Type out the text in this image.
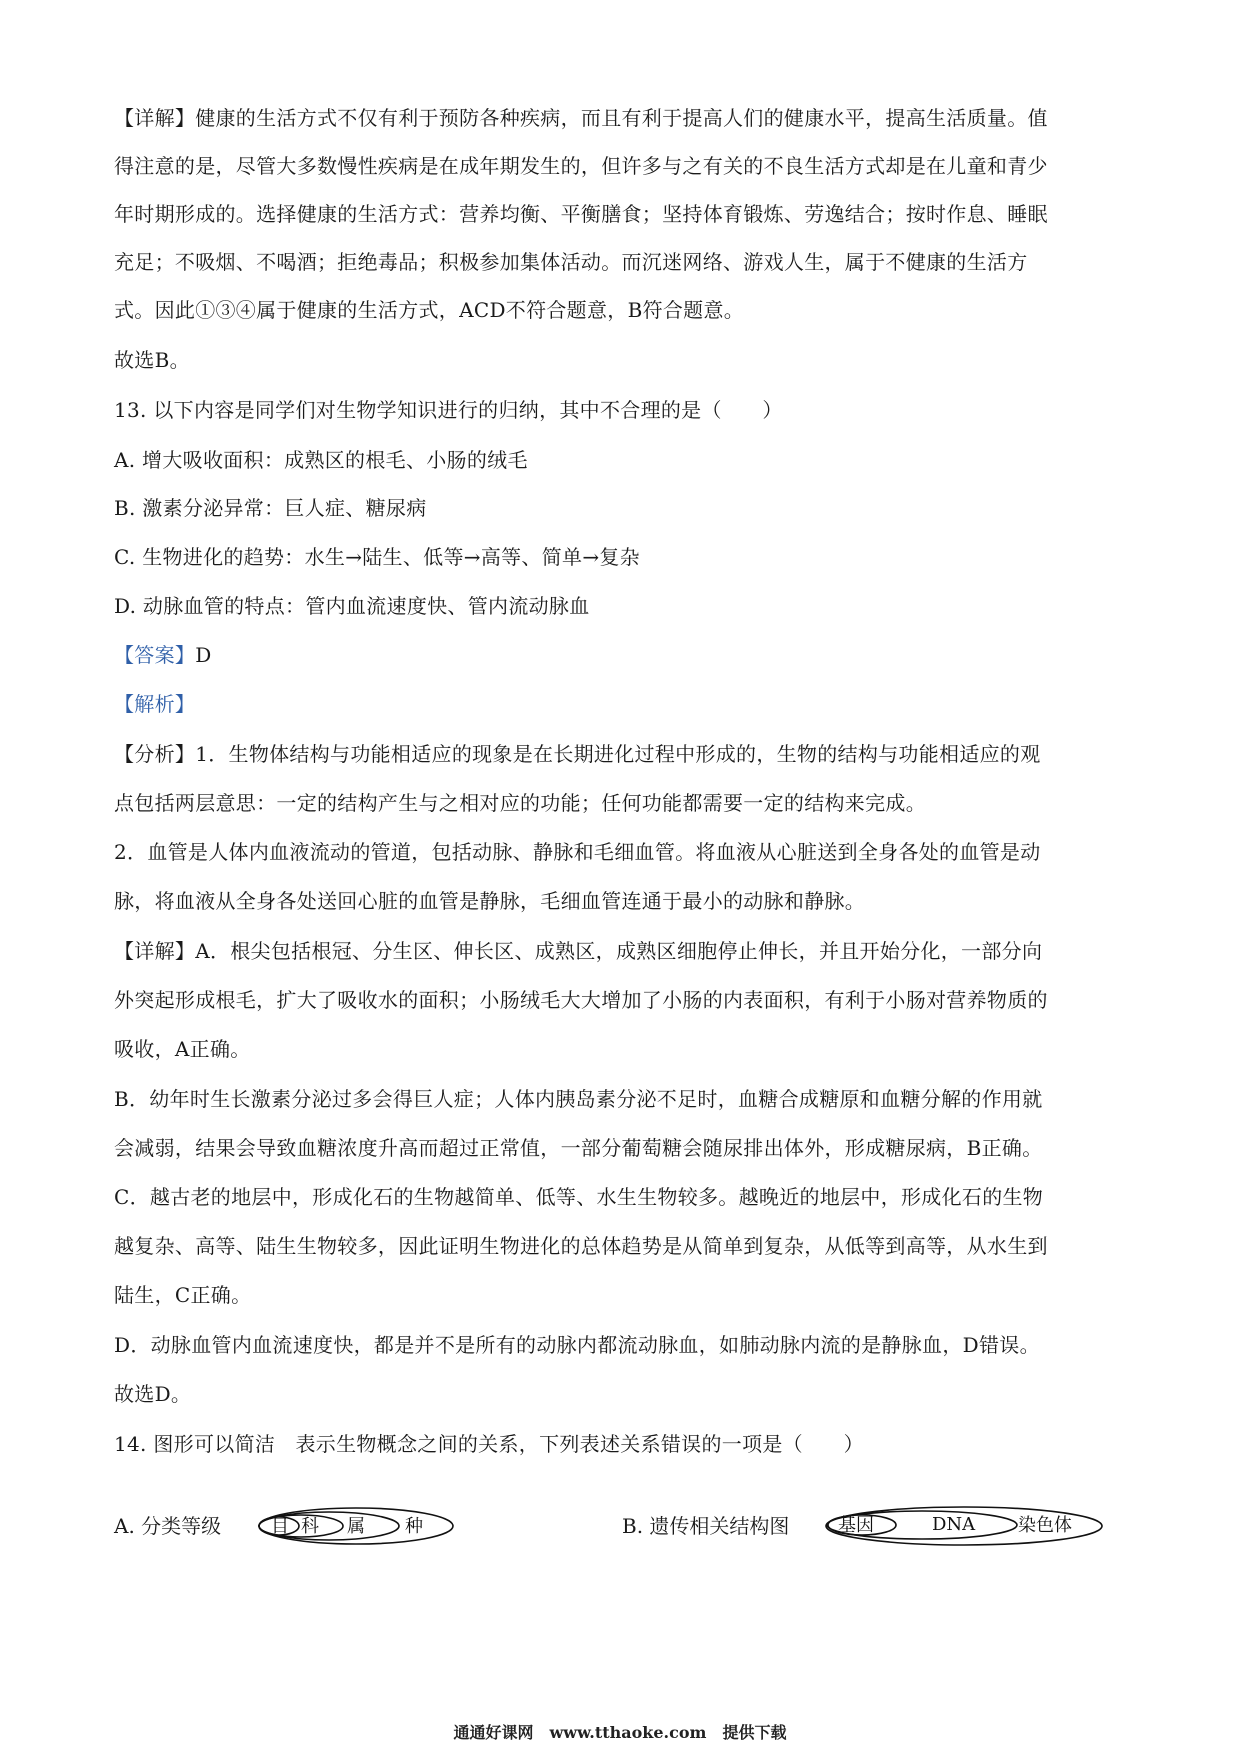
【详解】健康的生活方式不仅有利于预防各种疾病，而且有利于提高人们的健康水平，提高生活质量。值

得注意的是，尽管大多数慢性疾病是在成年期发生的，但许多与之有关的不良生活方式却是在儿童和青少

年时期形成的。选择健康的生活方式：营养均衡、平衡膳食；坚持体育锻炼、劳逸结合；按时作息、睡眠

充足；不吸烟、不喝酒；拒绝毒品；积极参加集体活动。而沉迷网络、游戏人生，属于不健康的生活方

式。因此①③④属于健康的生活方式，ACD不符合题意，B符合题意。

故选B。

13. 以下内容是同学们对生物学知识进行的归纳，其中不合理的是（　　）

A. 增大吸收面积：成熟区的根毛、小肠的绒毛

B. 激素分泌异常：巨人症、糖尿病

C. 生物进化的趋势：水生→陆生、低等→高等、简单→复杂

D. 动脉血管的特点：管内血流速度快、管内流动脉血

【答案】D

【解析】

【分析】1．生物体结构与功能相适应的现象是在长期进化过程中形成的，生物的结构与功能相适应的观

点包括两层意思：一定的结构产生与之相对应的功能；任何功能都需要一定的结构来完成。

2．血管是人体内血液流动的管道，包括动脉、静脉和毛细血管。将血液从心脏送到全身各处的血管是动

脉，将血液从全身各处送回心脏的血管是静脉，毛细血管连通于最小的动脉和静脉。

【详解】A．根尖包括根冠、分生区、伸长区、成熟区，成熟区细胞停止伸长，并且开始分化，一部分向

外突起形成根毛，扩大了吸收水的面积；小肠绒毛大大增加了小肠的内表面积，有利于小肠对营养物质的

吸收，A正确。

B．幼年时生长激素分泌过多会得巨人症；人体内胰岛素分泌不足时，血糖合成糖原和血糖分解的作用就

会减弱，结果会导致血糖浓度升高而超过正常值，一部分葡萄糖会随尿排出体外，形成糖尿病，B正确。

C．越古老的地层中，形成化石的生物越简单、低等、水生生物较多。越晚近的地层中，形成化石的生物

越复杂、高等、陆生生物较多，因此证明生物进化的总体趋势是从简单到复杂，从低等到高等，从水生到

陆生，C正确。

D．动脉血管内血流速度快，都是并不是所有的动脉内都流动脉血，如肺动脉内流的是静脉血，D错误。

故选D。

14. 图形可以简洁　表示生物概念之间的关系，下列表述关系错误的一项是（　　）

A. 分类等级	目 科 属 种	B. 遗传相关结构图	基因	DNA 染色体
通通好课网　www.tthaoke.com　提供下载
